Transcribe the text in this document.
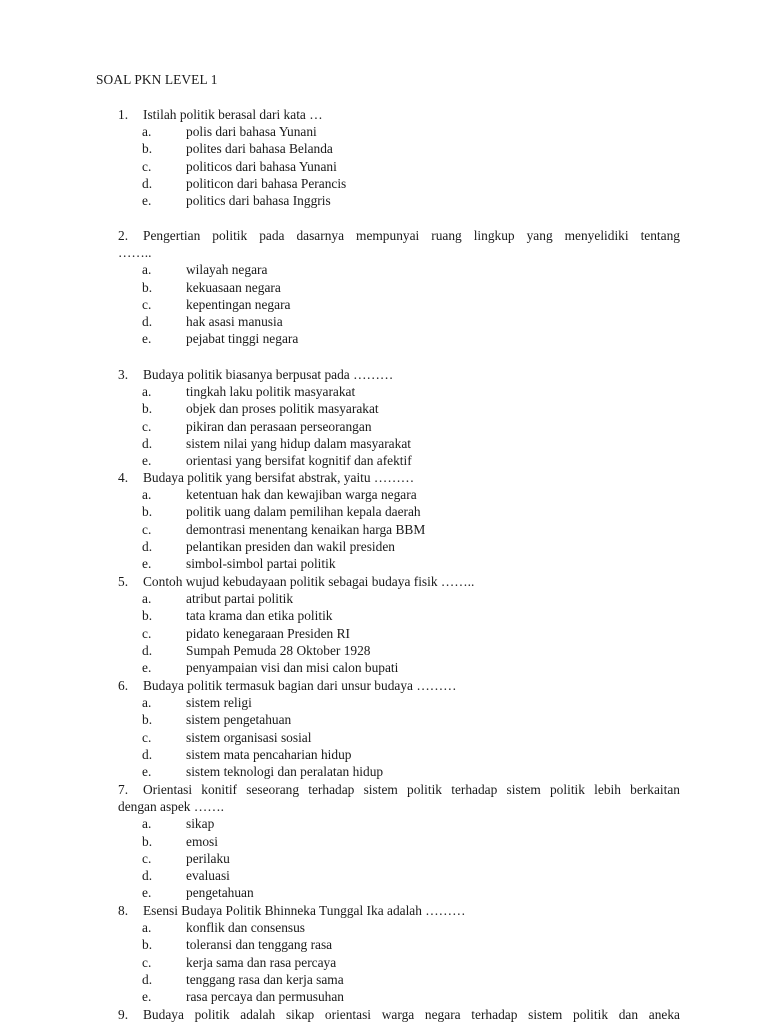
SOAL PKN LEVEL 1
1.	Istilah politik berasal dari kata …
a.	polis dari bahasa Yunani
b.	polites dari bahasa Belanda
c.	politicos dari bahasa Yunani
d.	politicon dari bahasa Perancis
e.	politics dari bahasa Inggris
2.	Pengertian politik pada dasarnya mempunyai ruang lingkup yang menyelidiki tentang
……..
a.	wilayah negara
b.	kekuasaan negara
c.	kepentingan negara
d.	hak asasi manusia
e.	pejabat tinggi negara
3.	Budaya politik biasanya berpusat pada ………
a.	tingkah laku politik masyarakat
b.	objek dan proses politik masyarakat
c.	pikiran dan perasaan perseorangan
d.	sistem nilai yang hidup dalam masyarakat
e.	orientasi yang bersifat kognitif dan afektif
4.	Budaya politik yang bersifat abstrak, yaitu ………
a.	ketentuan hak dan kewajiban warga negara
b.	politik uang dalam pemilihan kepala daerah
c.	demontrasi menentang kenaikan harga BBM
d.	pelantikan presiden dan wakil presiden
e.	simbol-simbol partai politik
5.	Contoh wujud kebudayaan politik sebagai budaya fisik ……..
a.	atribut partai politik
b.	tata krama dan etika politik
c.	pidato kenegaraan Presiden RI
d.	Sumpah Pemuda 28 Oktober 1928
e.	penyampaian visi dan misi calon bupati
6.	Budaya politik termasuk bagian dari unsur budaya ………
a.	sistem religi
b.	sistem pengetahuan
c.	sistem organisasi sosial
d.	sistem mata pencaharian hidup
e.	sistem teknologi dan peralatan hidup
7.	Orientasi konitif seseorang terhadap sistem politik terhadap sistem politik lebih berkaitan
dengan aspek …….
a.	sikap
b.	emosi
c.	perilaku
d.	evaluasi
e.	pengetahuan
8.	Esensi Budaya Politik Bhinneka Tunggal Ika adalah ………
a.	konflik dan consensus
b.	toleransi dan tenggang rasa
c.	kerja sama dan rasa percaya
d.	tenggang rasa dan kerja sama
e.	rasa percaya dan permusuhan
9.	Budaya politik adalah sikap orientasi warga negara terhadap sistem politik dan aneka
